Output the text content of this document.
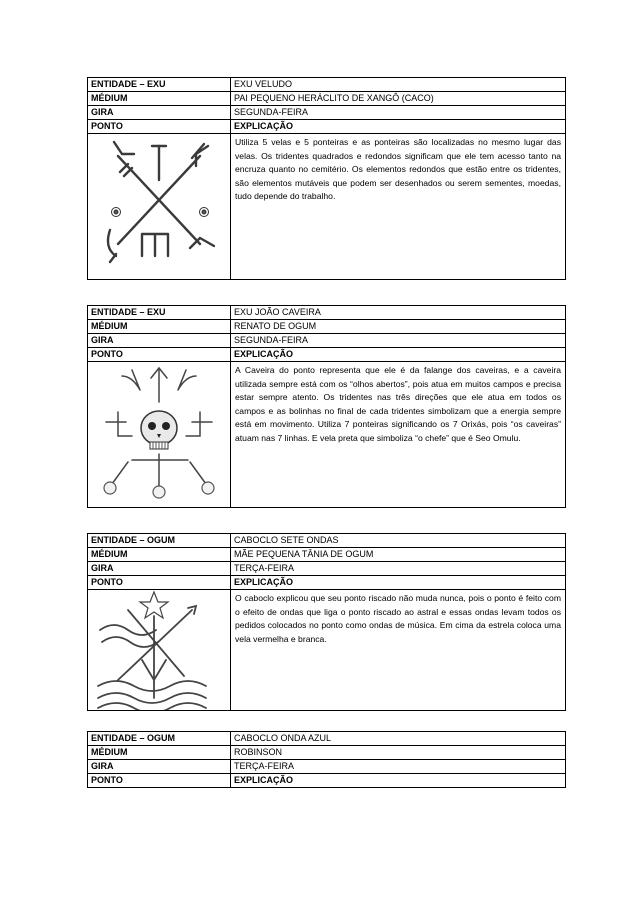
ENTIDADE – EXU	EXU VELUDO
MÉDIUM	PAI PEQUENO HERÁCLITO DE XANGÔ (CACO)
GIRA	SEGUNDA-FEIRA
PONTO	EXPLICAÇÃO
Utiliza 5 velas e 5 ponteiras e as ponteiras são localizadas no mesmo lugar das velas. Os tridentes quadrados e redondos significam que ele tem acesso tanto na encruza quanto no cemitério. Os elementos redondos que estão entre os tridentes, são elementos mutáveis que podem ser desenhados ou serem sementes, moedas, tudo depende do trabalho.
ENTIDADE – EXU	EXU JOÃO CAVEIRA
MÉDIUM	RENATO DE OGUM
GIRA	SEGUNDA-FEIRA
PONTO	EXPLICAÇÃO
A Caveira do ponto representa que ele é da falange dos caveiras, e a caveira utilizada sempre está com os “olhos abertos”, pois atua em muitos campos e precisa estar sempre atento. Os tridentes nas três direções que ele atua em todos os campos e as bolinhas no final de cada tridentes simbolizam que a energia sempre está em movimento. Utiliza 7 ponteiras significando os 7 Orixás, pois “os caveiras” atuam nas 7 linhas. E vela preta que simboliza “o chefe” que é Seo Omulu.
ENTIDADE – OGUM	CABOCLO SETE ONDAS
MÉDIUM	MÃE PEQUENA TÂNIA DE OGUM
GIRA	TERÇA-FEIRA
PONTO	EXPLICAÇÃO
O caboclo explicou que seu ponto riscado não muda nunca, pois o ponto é feito com o efeito de ondas que liga o ponto riscado ao astral e essas ondas levam todos os pedidos colocados no ponto como ondas de música. Em cima da estrela coloca uma vela vermelha e branca.
ENTIDADE – OGUM	CABOCLO ONDA AZUL
MÉDIUM	ROBINSON
GIRA	TERÇA-FEIRA
PONTO	EXPLICAÇÃO
